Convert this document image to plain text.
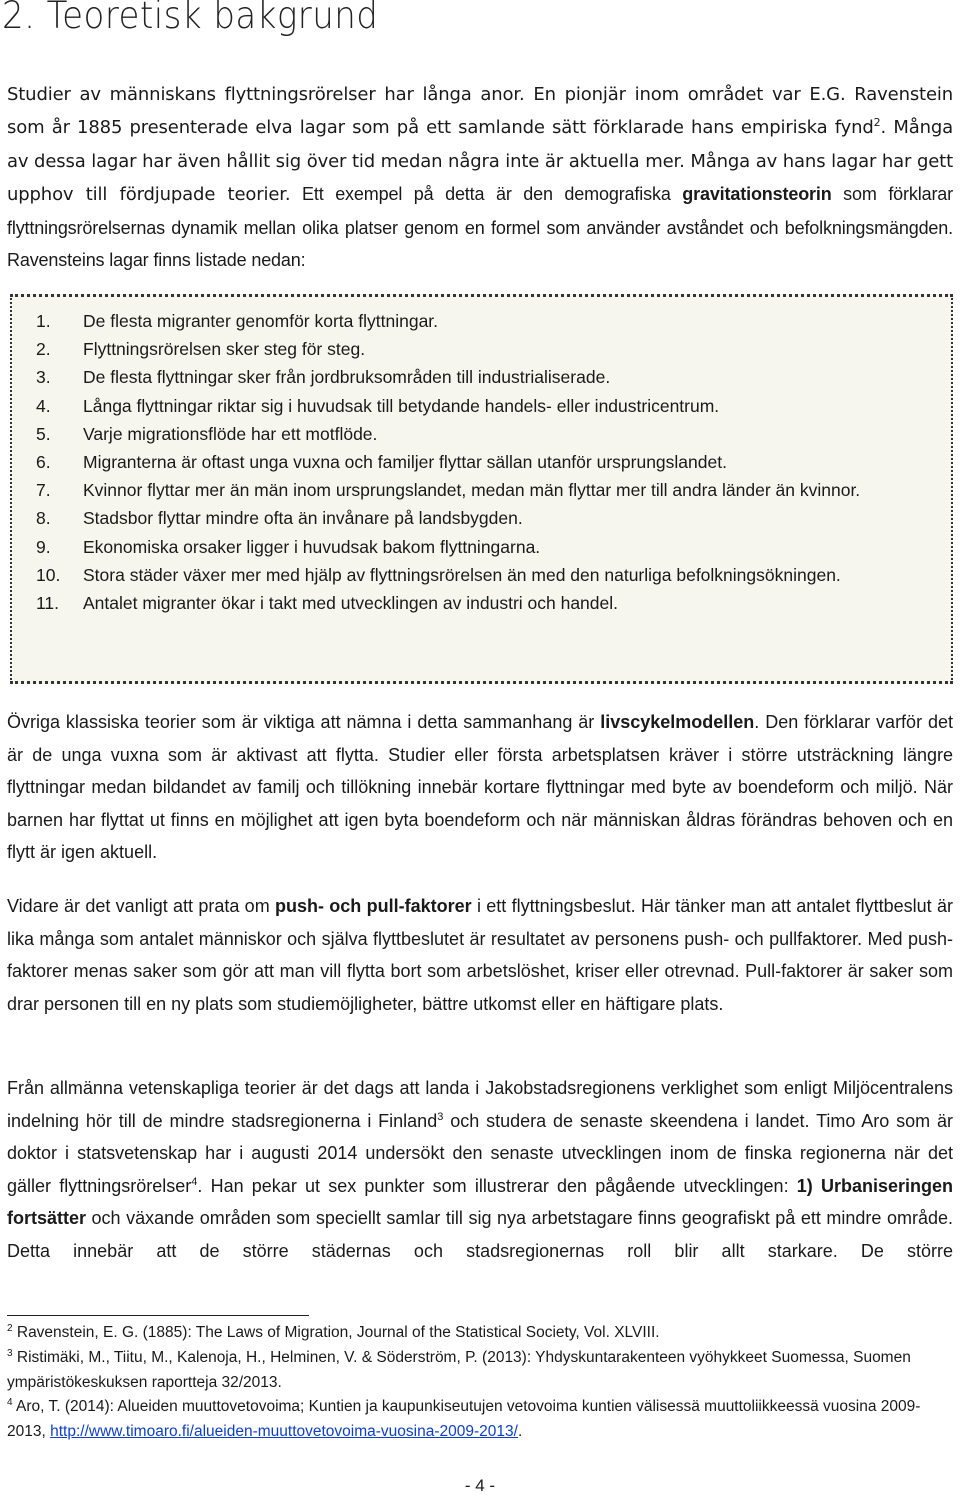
2. Teoretisk bakgrund

Studier av människans flyttningsrörelser har långa anor. En pionjär inom området var E.G. Ravenstein som år 1885 presenterade elva lagar som på ett samlande sätt förklarade hans empiriska fynd$^2$. Många av dessa lagar har även hållit sig över tid medan några inte är aktuella mer. Många av hans lagar har gett upphov till fördjupade teorier. Ett exempel på detta är den demografiska gravitationsteorin som förklarar flyttningsrörelsernas dynamik mellan olika platser genom en formel som använder avståndet och befolkningsmängden. Ravensteins lagar finns listade nedan:

1. De flesta migranter genomför korta flyttningar.
2. Flyttningsrörelsen sker steg för steg.
3. De flesta flyttningar sker från jordbruksområden till industrialiserade.
4. Långa flyttningar riktar sig i huvudsak till betydande handels- eller industricentrum.
5. Varje migrationsflöde har ett motflöde.
6. Migranterna är oftast unga vuxna och familjer flyttar sällan utanför ursprungslandet.
7. Kvinnor flyttar mer än män inom ursprungslandet, medan män flyttar mer till andra länder än kvinnor.
8. Stadsbor flyttar mindre ofta än invånare på landsbygden.
9. Ekonomiska orsaker ligger i huvudsak bakom flyttningarna.
10. Stora städer växer mer med hjälp av flyttningsrörelsen än med den naturliga befolkningsökningen.
11. Antalet migranter ökar i takt med utvecklingen av industri och handel.

Övriga klassiska teorier som är viktiga att nämna i detta sammanhang är livscykelmodellen. Den förklarar varför det är de unga vuxna som är aktivast att flytta. Studier eller första arbetsplatsen kräver i större utsträckning längre flyttningar medan bildandet av familj och tillökning innebär kortare flyttningar med byte av boendeform och miljö. När barnen har flyttat ut finns en möjlighet att igen byta boendeform och när människan åldras förändras behoven och en flytt är igen aktuell.

Vidare är det vanligt att prata om push- och pull-faktorer i ett flyttningsbeslut. Här tänker man att antalet flyttbeslut är lika många som antalet människor och själva flyttbeslutet är resultatet av personens push- och pullfaktorer. Med push-faktorer menas saker som gör att man vill flytta bort som arbetslöshet, kriser eller otrevnad. Pull-faktorer är saker som drar personen till en ny plats som studiemöjligheter, bättre utkomst eller en häftigare plats.

Från allmänna vetenskapliga teorier är det dags att landa i Jakobstadsregionens verklighet som enligt Miljöcentralens indelning hör till de mindre stadsregionerna i Finland$^3$ och studera de senaste skeendena i landet. Timo Aro som är doktor i statsvetenskap har i augusti 2014 undersökt den senaste utvecklingen inom de finska regionerna när det gäller flyttningsrörelser$^4$. Han pekar ut sex punkter som illustrerar den pågående utvecklingen: 1) Urbaniseringen fortsätter och växande områden som speciellt samlar till sig nya arbetstagare finns geografiskt på ett mindre område. Detta innebär att de större städernas och stadsregionernas roll blir allt starkare. De större

$^2$ Ravenstein, E. G. (1885): The Laws of Migration, Journal of the Statistical Society, Vol. XLVIII.

$^3$ Ristimäki, M., Tiitu, M., Kalenoja, H., Helminen, V. & Söderström, P. (2013): Yhdyskuntarakenteen vyöhykkeet Suomessa, Suomen ympäristökeskuksen raportteja 32/2013.

$^4$ Aro, T. (2014): Alueiden muuttovetovoima; Kuntien ja kaupunkiseutujen vetovoima kuntien välisessä muuttoliikkeessä vuosina 2009-2013, http://www.timoaro.fi/alueiden-muuttovetovoima-vuosina-2009-2013/.

- 4 -
